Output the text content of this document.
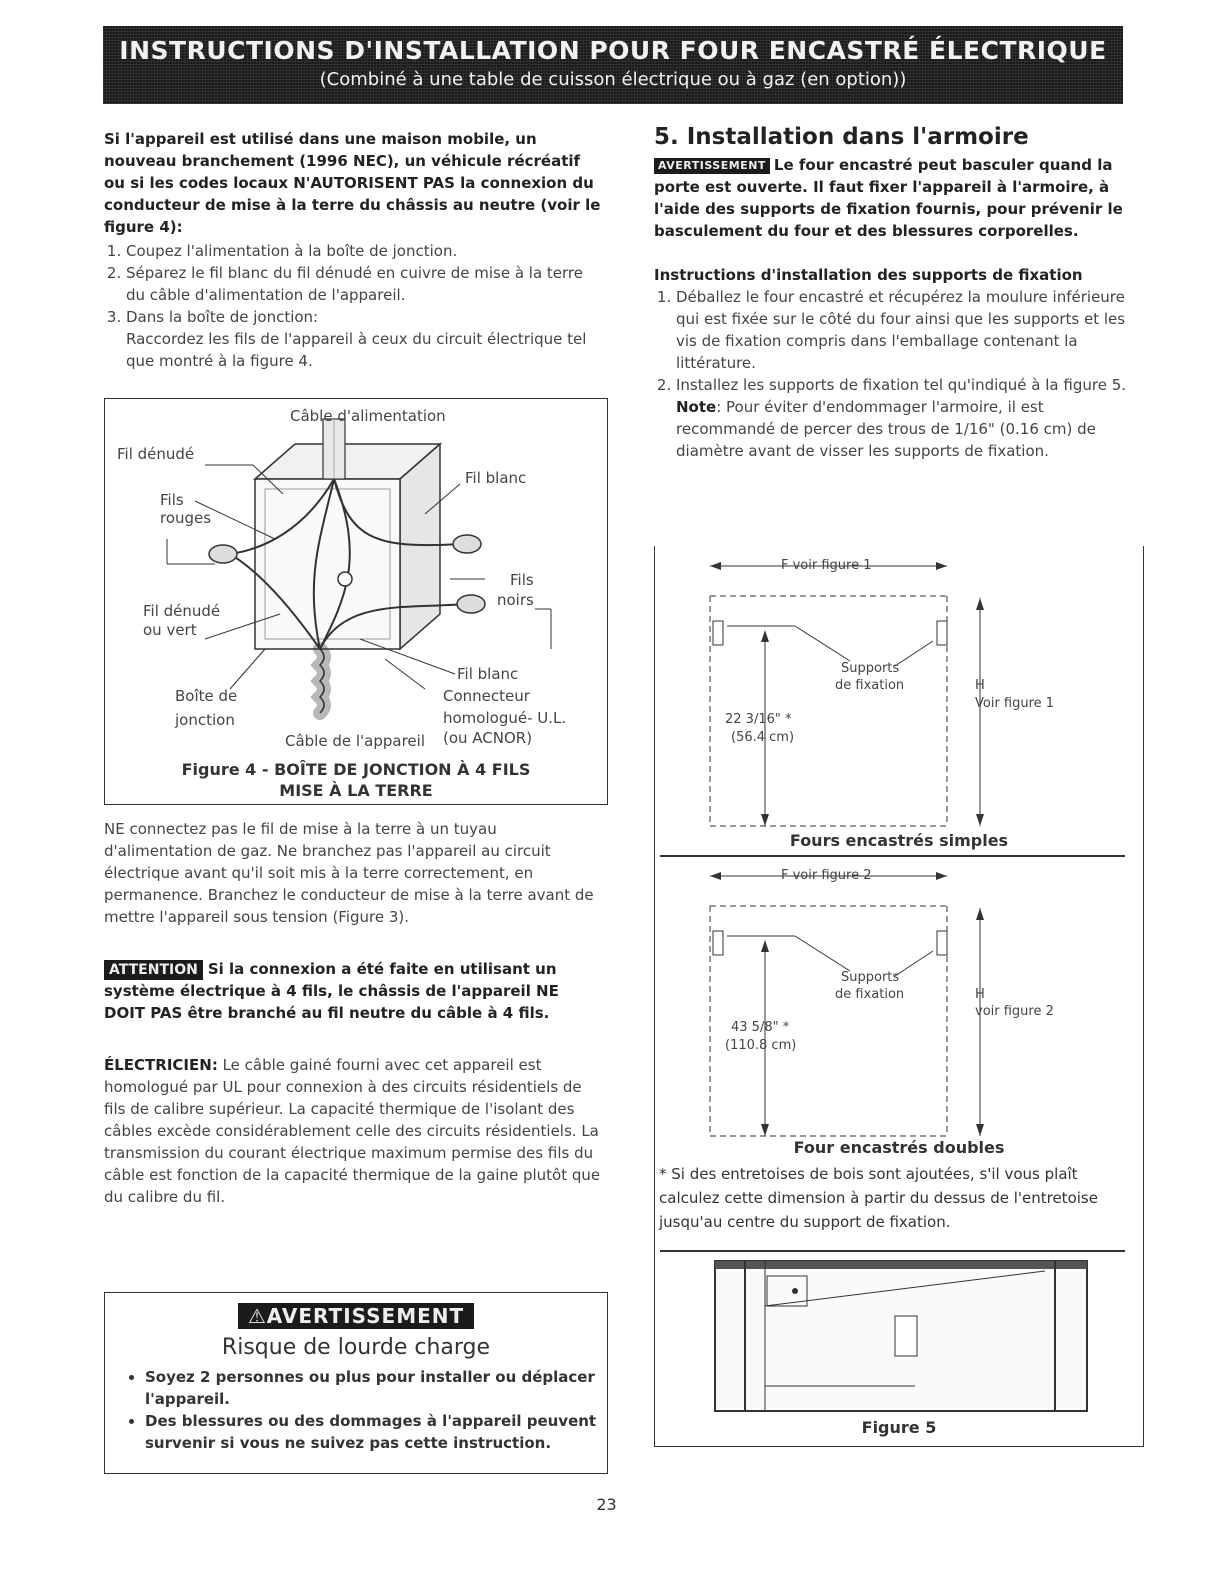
INSTRUCTIONS D'INSTALLATION POUR FOUR ENCASTRÉ ÉLECTRIQUE
(Combiné à une table de cuisson électrique ou à gaz (en option))

Si l'appareil est utilisé dans une maison mobile, un nouveau branchement (1996 NEC), un véhicule récréatif ou si les codes locaux N'AUTORISENT PAS la connexion du conducteur de mise à la terre du châssis au neutre (voir le figure 4):

1. Coupez l'alimentation à la boîte de jonction.
2. Séparez le fil blanc du fil dénudé en cuivre de mise à la terre du câble d'alimentation de l'appareil.
3. Dans la boîte de jonction:
Raccordez les fils de l'appareil à ceux du circuit électrique tel que montré à la figure 4.
Câble d'alimentation
Fil dénudé
Fil blanc
Fils
rouges
Fils
noirs
Fil dénudé
ou vert
Fil blanc
Boîte de
jonction
Connecteur
homologué- U.L.
(ou ACNOR)
Câble de l'appareil
Figure 4 - BOÎTE DE JONCTION À 4 FILS
MISE À LA TERRE

NE connectez pas le fil de mise à la terre à un tuyau d'alimentation de gaz. Ne branchez pas l'appareil au circuit électrique avant qu'il soit mis à la terre correctement, en permanence. Branchez le conducteur de mise à la terre avant de mettre l'appareil sous tension (Figure 3).

ATTENTION Si la connexion a été faite en utilisant un système électrique à 4 fils, le châssis de l'appareil NE DOIT PAS être branché au fil neutre du câble à 4 fils.

ÉLECTRICIEN: Le câble gainé fourni avec cet appareil est homologué par UL pour connexion à des circuits résidentiels de fils de calibre supérieur. La capacité thermique de l'isolant des câbles excède considérablement celle des circuits résidentiels. La transmission du courant électrique maximum permise des fils du câble est fonction de la capacité thermique de la gaine plutôt que du calibre du fil.

⚠AVERTISSEMENT
Risque de lourde charge
• Soyez 2 personnes ou plus pour installer ou déplacer l'appareil.
• Des blessures ou des dommages à l'appareil peuvent survenir si vous ne suivez pas cette instruction.
5. Installation dans l'armoire

AVERTISSEMENT Le four encastré peut basculer quand la porte est ouverte. Il faut fixer l'appareil à l'armoire, à l'aide des supports de fixation fournis, pour prévenir le basculement du four et des blessures corporelles.

Instructions d'installation des supports de fixation

1. Déballez le four encastré et récupérez la moulure inférieure qui est fixée sur le côté du four ainsi que les supports et les vis de fixation compris dans l'emballage contenant la littérature.
2. Installez les supports de fixation tel qu'indiqué à la figure 5. Note: Pour éviter d'endommager l'armoire, il est recommandé de percer des trous de 1/16" (0.16 cm) de diamètre avant de visser les supports de fixation.
F voir figure 1
Supports
de fixation	H
Voir figure 1
22 3/16" *
(56.4 cm)
Fours encastrés simples
F voir figure 2
Supports
de fixation	H
voir figure 2
43 5/8" *
(110.8 cm)
Four encastrés doubles
* Si des entretoises de bois sont ajoutées, s'il vous plaît calculez cette dimension à partir du dessus de l'entretoise jusqu'au centre du support de fixation.
Figure 5
23
